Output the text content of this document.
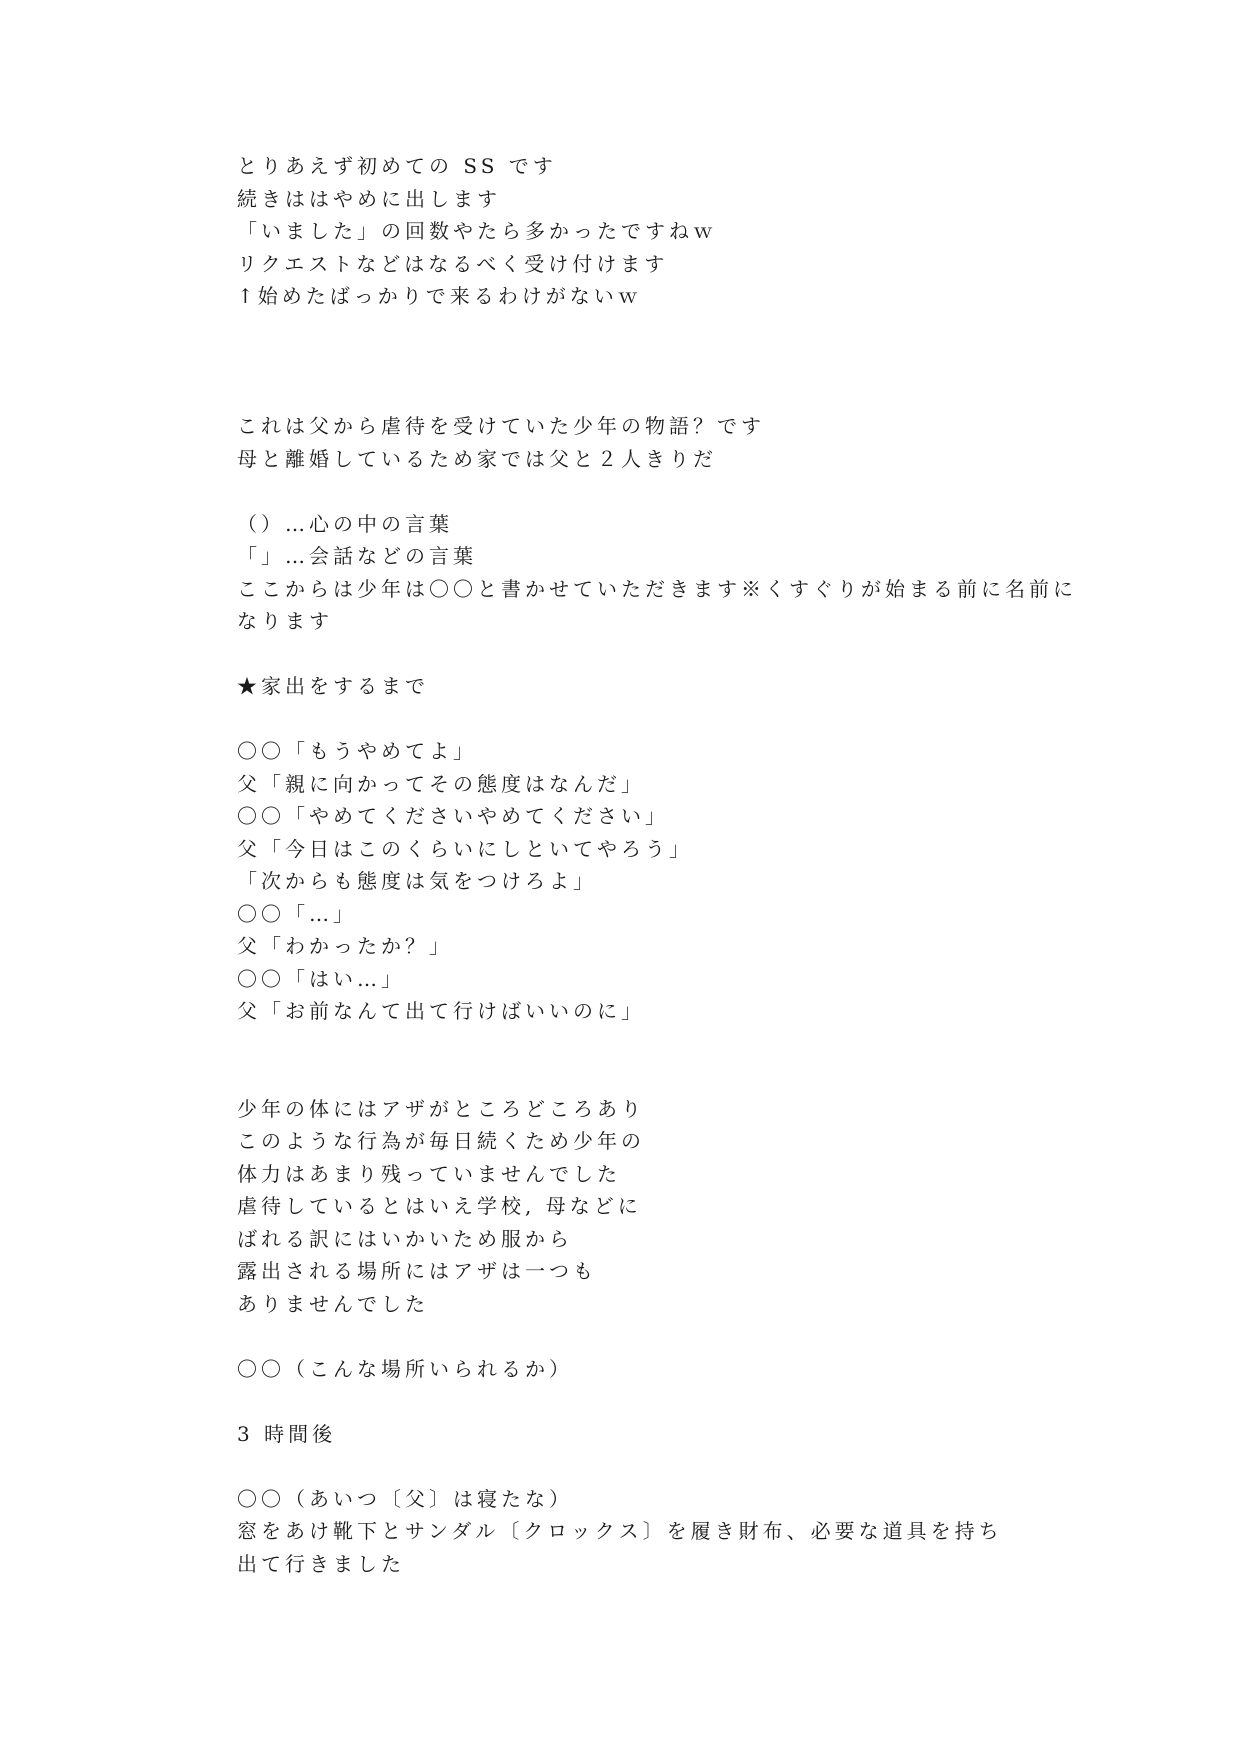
とりあえず初めての SS です
続きははやめに出します
「いました」の回数やたら多かったですねｗ
リクエストなどはなるべく受け付けます
↑始めたばっかりで来るわけがないｗ
これは父から虐待を受けていた少年の物語？です
母と離婚しているため家では父と２人きりだ
（）…心の中の言葉
「」…会話などの言葉
ここからは少年は〇〇と書かせていただきます※くすぐりが始まる前に名前に
なります
★家出をするまで
〇〇「もうやめてよ」
父「親に向かってその態度はなんだ」
〇〇「やめてくださいやめてください」
父「今日はこのくらいにしといてやろう」
「次からも態度は気をつけろよ」
〇〇「…」
父「わかったか？」
〇〇「はい…」
父「お前なんて出て行けばいいのに」
少年の体にはアザがところどころあり
このような行為が毎日続くため少年の
体力はあまり残っていませんでした
虐待しているとはいえ学校, 母などに
ばれる訳にはいかいため服から
露出される場所にはアザは一つも
ありませんでした
〇〇（こんな場所いられるか）
3 時間後
〇〇（あいつ〔父〕は寝たな）
窓をあけ靴下とサンダル〔クロックス〕を履き財布、必要な道具を持ち
出て行きました
